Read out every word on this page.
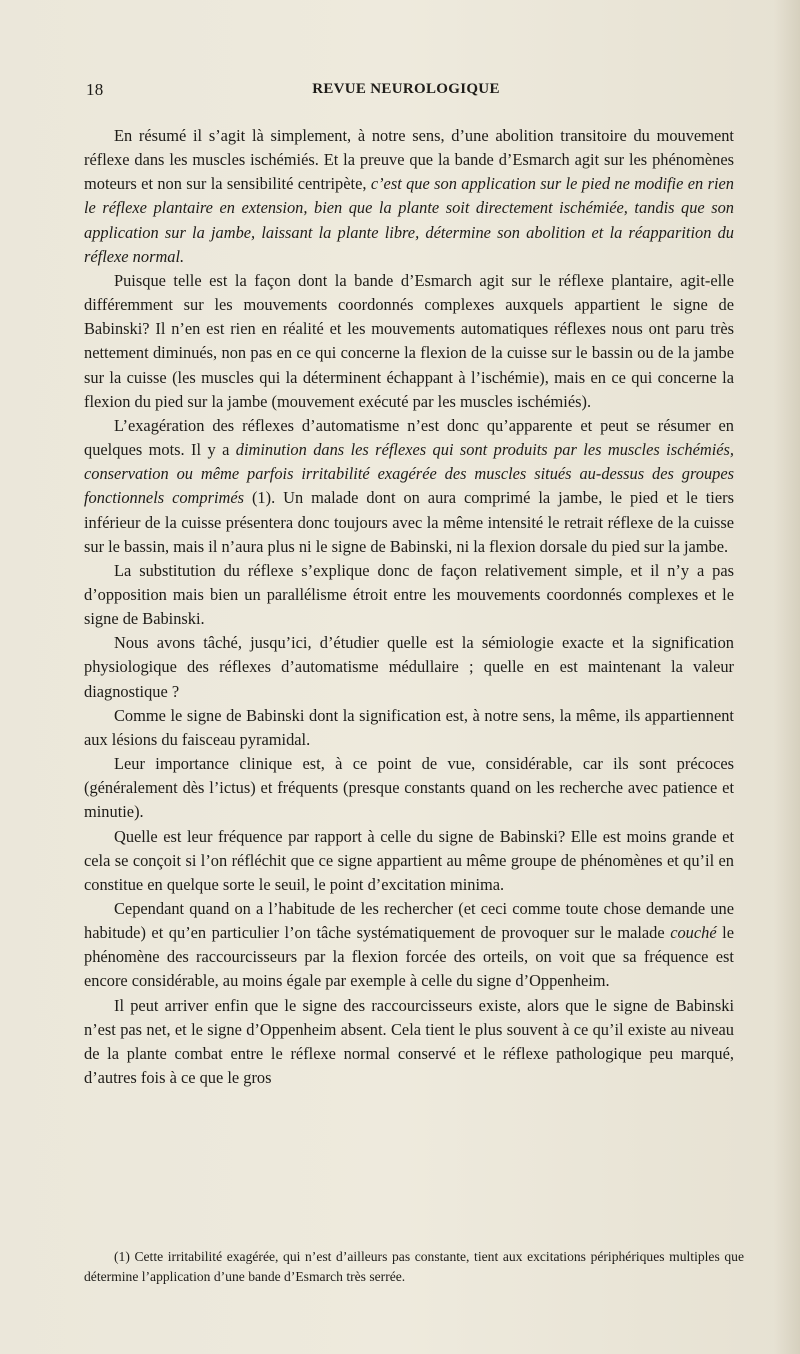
18	REVUE NEUROLOGIQUE

En résumé il s’agit là simplement, à notre sens, d’une abolition transitoire du mouvement réflexe dans les muscles ischémiés. Et la preuve que la bande d’Esmarch agit sur les phénomènes moteurs et non sur la sensibilité centripète, c’est que son application sur le pied ne modifie en rien le réflexe plantaire en extension, bien que la plante soit directement ischémiée, tandis que son application sur la jambe, laissant la plante libre, détermine son abolition et la réapparition du réflexe normal.

Puisque telle est la façon dont la bande d’Esmarch agit sur le réflexe plantaire, agit-elle différemment sur les mouvements coordonnés complexes auxquels appartient le signe de Babinski? Il n’en est rien en réalité et les mouvements automatiques réflexes nous ont paru très nettement diminués, non pas en ce qui concerne la flexion de la cuisse sur le bassin ou de la jambe sur la cuisse (les muscles qui la déterminent échappant à l’ischémie), mais en ce qui concerne la flexion du pied sur la jambe (mouvement exécuté par les muscles ischémiés).

L’exagération des réflexes d’automatisme n’est donc qu’apparente et peut se résumer en quelques mots. Il y a diminution dans les réflexes qui sont produits par les muscles ischémiés, conservation ou même parfois irritabilité exagérée des muscles situés au-dessus des groupes fonctionnels comprimés (1). Un malade dont on aura comprimé la jambe, le pied et le tiers inférieur de la cuisse présentera donc toujours avec la même intensité le retrait réflexe de la cuisse sur le bassin, mais il n’aura plus ni le signe de Babinski, ni la flexion dorsale du pied sur la jambe.

La substitution du réflexe s’explique donc de façon relativement simple, et il n’y a pas d’opposition mais bien un parallélisme étroit entre les mouvements coordonnés complexes et le signe de Babinski.

Nous avons tâché, jusqu’ici, d’étudier quelle est la sémiologie exacte et la signification physiologique des réflexes d’automatisme médullaire ; quelle en est maintenant la valeur diagnostique ?

Comme le signe de Babinski dont la signification est, à notre sens, la même, ils appartiennent aux lésions du faisceau pyramidal.

Leur importance clinique est, à ce point de vue, considérable, car ils sont précoces (généralement dès l’ictus) et fréquents (presque constants quand on les recherche avec patience et minutie).

Quelle est leur fréquence par rapport à celle du signe de Babinski? Elle est moins grande et cela se conçoit si l’on réfléchit que ce signe appartient au même groupe de phénomènes et qu’il en constitue en quelque sorte le seuil, le point d’excitation minima.

Cependant quand on a l’habitude de les rechercher (et ceci comme toute chose demande une habitude) et qu’en particulier l’on tâche systématiquement de provoquer sur le malade couché le phénomène des raccourcisseurs par la flexion forcée des orteils, on voit que sa fréquence est encore considérable, au moins égale par exemple à celle du signe d’Oppenheim.

Il peut arriver enfin que le signe des raccourcisseurs existe, alors que le signe de Babinski n’est pas net, et le signe d’Oppenheim absent. Cela tient le plus souvent à ce qu’il existe au niveau de la plante combat entre le réflexe normal conservé et le réflexe pathologique peu marqué, d’autres fois à ce que le gros

(1) Cette irritabilité exagérée, qui n’est d’ailleurs pas constante, tient aux excitations périphériques multiples que détermine l’application d’une bande d’Esmarch très serrée.
